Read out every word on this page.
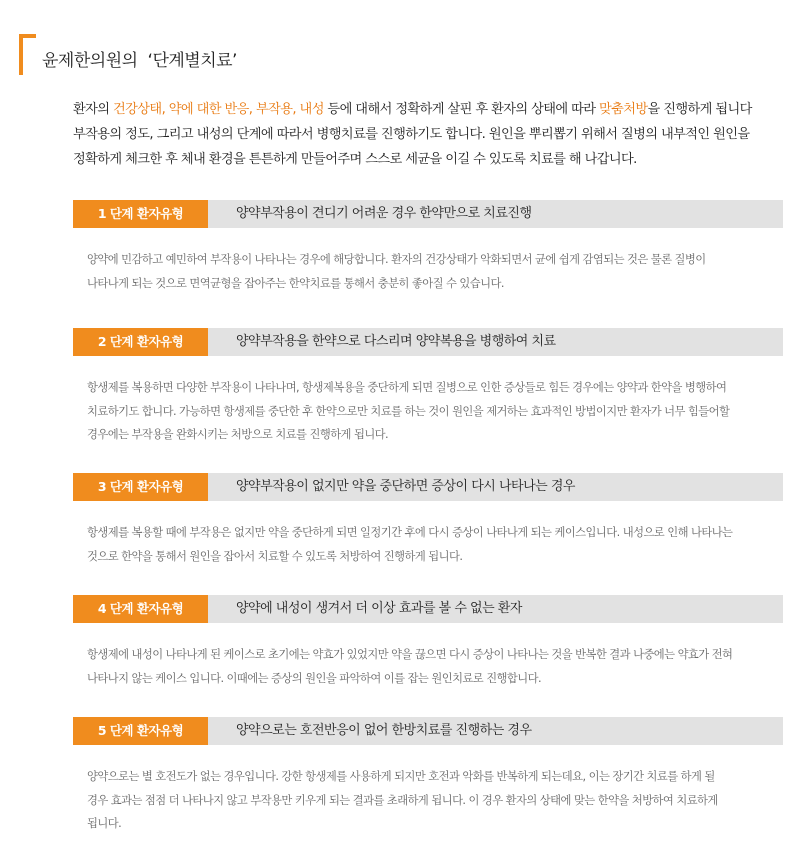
윤제한의원의 ‘단계별치료’
환자의 건강상태, 약에 대한 반응, 부작용, 내성 등에 대해서 정확하게 살핀 후 환자의 상태에 따라 맞춤처방을 진행하게 됩니다
부작용의 정도, 그리고 내성의 단계에 따라서 병행치료를 진행하기도 합니다. 원인을 뿌리뽑기 위해서 질병의 내부적인 원인을
정확하게 체크한 후 체내 환경을 튼튼하게 만들어주며 스스로 세균을 이길 수 있도록 치료를 해 나갑니다.
1 단계 환자유형	양약부작용이 견디기 어려운 경우 한약만으로 치료진행
양약에 민감하고 예민하여 부작용이 나타나는 경우에 해당합니다. 환자의 건강상태가 악화되면서 균에 쉽게 감염되는 것은 물론 질병이
나타나게 되는 것으로 면역균형을 잡아주는 한약치료를 통해서 충분히 좋아질 수 있습니다.
2 단계 환자유형	양약부작용을 한약으로 다스리며 양약복용을 병행하여 치료
항생제를 복용하면 다양한 부작용이 나타나며, 항생제복용을 중단하게 되면 질병으로 인한 증상들로 힘든 경우에는 양약과 한약을 병행하여
치료하기도 합니다. 가능하면 항생제를 중단한 후 한약으로만 치료를 하는 것이 원인을 제거하는 효과적인 방법이지만 환자가 너무 힘들어할
경우에는 부작용을 완화시키는 처방으로 치료를 진행하게 됩니다.
3 단계 환자유형	양약부작용이 없지만 약을 중단하면 증상이 다시 나타나는 경우
항생제를 복용할 때에 부작용은 없지만 약을 중단하게 되면 일정기간 후에 다시 증상이 나타나게 되는 케이스입니다. 내성으로 인해 나타나는
것으로 한약을 통해서 원인을 잡아서 치료할 수 있도록 처방하여 진행하게 됩니다.
4 단계 환자유형	양약에 내성이 생겨서 더 이상 효과를 볼 수 없는 환자
항생제에 내성이 나타나게 된 케이스로 초기에는 약효가 있었지만 약을 끊으면 다시 증상이 나타나는 것을 반복한 결과 나중에는 약효가 전혀
나타나지 않는 케이스 입니다. 이때에는 증상의 원인을 파악하여 이를 잡는 원인치료로 진행합니다.
5 단계 환자유형	양약으로는 호전반응이 없어 한방치료를 진행하는 경우
양약으로는 별 호전도가 없는 경우입니다. 강한 항생제를 사용하게 되지만 호전과 악화를 반복하게 되는데요, 이는 장기간 치료를 하게 될
경우 효과는 점점 더 나타나지 않고 부작용만 키우게 되는 결과를 초래하게 됩니다. 이 경우 환자의 상태에 맞는 한약을 처방하여 치료하게
됩니다.
